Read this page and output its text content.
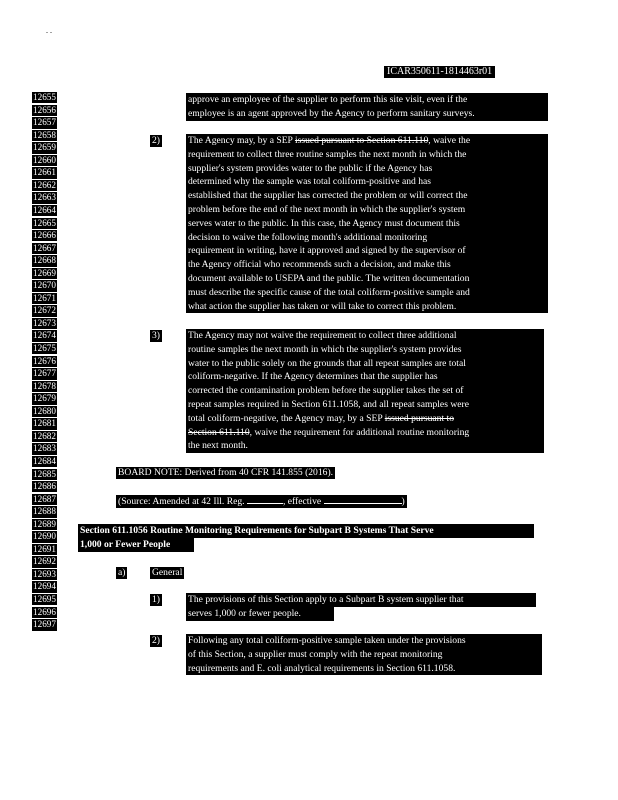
. .
ICAR350611-1814463r01
12655
12656
12657
12658
12659
12660
12661
12662
12663
12664
12665
12666
12667
12668
12669
12670
12671
12672
12673
12674
12675
12676
12677
12678
12679
12680
12681
12682
12683
12684
12685
12686
12687
12688
12689
12690
12691
12692
12693
12694
12695
12696
12697
approve an employee of the supplier to perform this site visit, even if the
employee is an agent approved by the Agency to perform sanitary surveys.
2)	The Agency may, by a SEP issued pursuant to Section 611.110, waive the
requirement to collect three routine samples the next month in which the
supplier's system provides water to the public if the Agency has
determined why the sample was total coliform-positive and has
established that the supplier has corrected the problem or will correct the
problem before the end of the next month in which the supplier's system
serves water to the public. In this case, the Agency must document this
decision to waive the following month's additional monitoring
requirement in writing, have it approved and signed by the supervisor of
the Agency official who recommends such a decision, and make this
document available to USEPA and the public. The written documentation
must describe the specific cause of the total coliform-positive sample and
what action the supplier has taken or will take to correct this problem.
3)	The Agency may not waive the requirement to collect three additional
routine samples the next month in which the supplier's system provides
water to the public solely on the grounds that all repeat samples are total
coliform-negative. If the Agency determines that the supplier has
corrected the contamination problem before the supplier takes the set of
repeat samples required in Section 611.1058, and all repeat samples were
total coliform-negative, the Agency may, by a SEP issued pursuant to
Section 611.110, waive the requirement for additional routine monitoring
the next month.
BOARD NOTE: Derived from 40 CFR 141.855 (2016).
(Source: Amended at 42 Ill. Reg.	, effective	)
Section 611.1056 Routine Monitoring Requirements for Subpart B Systems That Serve
1,000 or Fewer People
a)	General
1)	The provisions of this Section apply to a Subpart B system supplier that
serves 1,000 or fewer people.
2)	Following any total coliform-positive sample taken under the provisions
of this Section, a supplier must comply with the repeat monitoring
requirements and E. coli analytical requirements in Section 611.1058.
